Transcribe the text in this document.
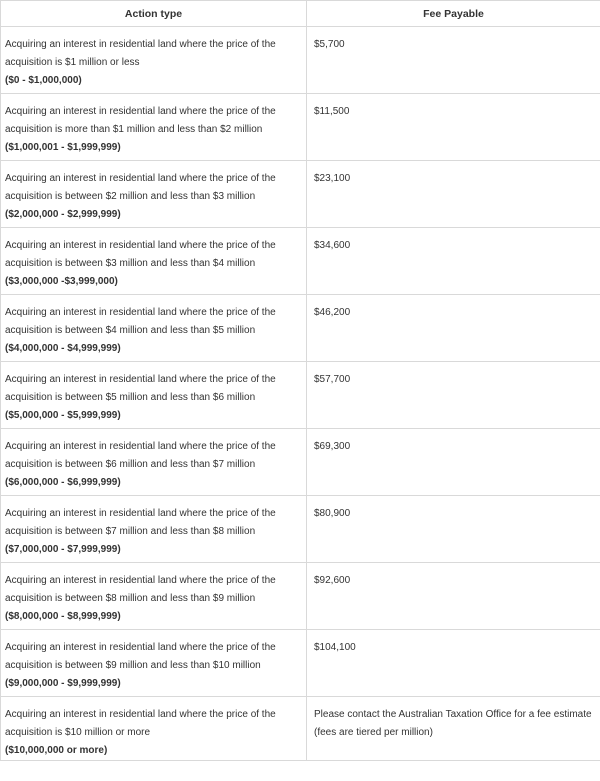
Action type	Fee Payable
Acquiring an interest in residential land where the price of the acquisition is $1 million or less
($0 - $1,000,000)	$5,700
Acquiring an interest in residential land where the price of the acquisition is more than $1 million and less than $2 million
($1,000,001 - $1,999,999)	$11,500
Acquiring an interest in residential land where the price of the acquisition is between $2 million and less than $3 million
($2,000,000 - $2,999,999)	$23,100
Acquiring an interest in residential land where the price of the acquisition is between $3 million and less than $4 million
($3,000,000 -$3,999,000)	$34,600
Acquiring an interest in residential land where the price of the acquisition is between $4 million and less than $5 million
($4,000,000 - $4,999,999)	$46,200
Acquiring an interest in residential land where the price of the acquisition is between $5 million and less than $6 million
($5,000,000 - $5,999,999)	$57,700
Acquiring an interest in residential land where the price of the acquisition is between $6 million and less than $7 million
($6,000,000 - $6,999,999)	$69,300
Acquiring an interest in residential land where the price of the acquisition is between $7 million and less than $8 million
($7,000,000 - $7,999,999)	$80,900
Acquiring an interest in residential land where the price of the acquisition is between $8 million and less than $9 million
($8,000,000 - $8,999,999)	$92,600
Acquiring an interest in residential land where the price of the acquisition is between $9 million and less than $10 million
($9,000,000 - $9,999,999)	$104,100
Acquiring an interest in residential land where the price of the acquisition is $10 million or more
($10,000,000 or more)	Please contact the Australian Taxation Office for a fee estimate (fees are tiered per million)
